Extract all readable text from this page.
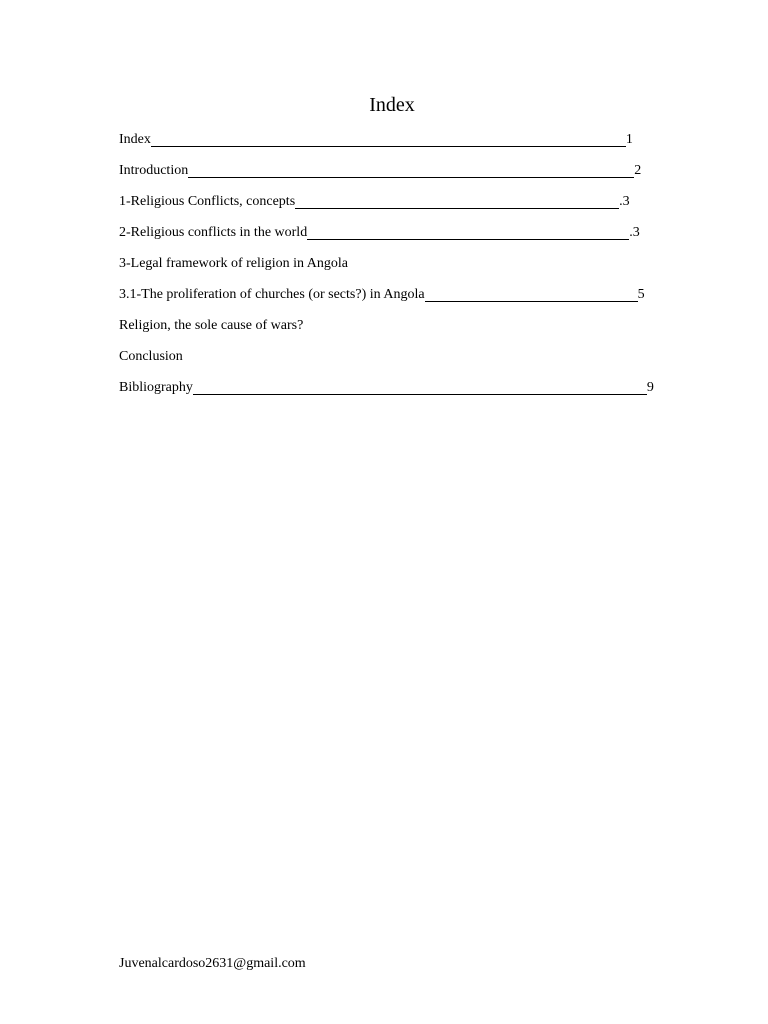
Index
Index	1
Introduction	2
1-Religious Conflicts, concepts	.3
2-Religious conflicts in the world	.3
3-Legal framework of religion in Angola
3.1-The proliferation of churches (or sects?) in Angola	5
Religion, the sole cause of wars?
Conclusion
Bibliography	9

Juvenalcardoso2631@gmail.com
